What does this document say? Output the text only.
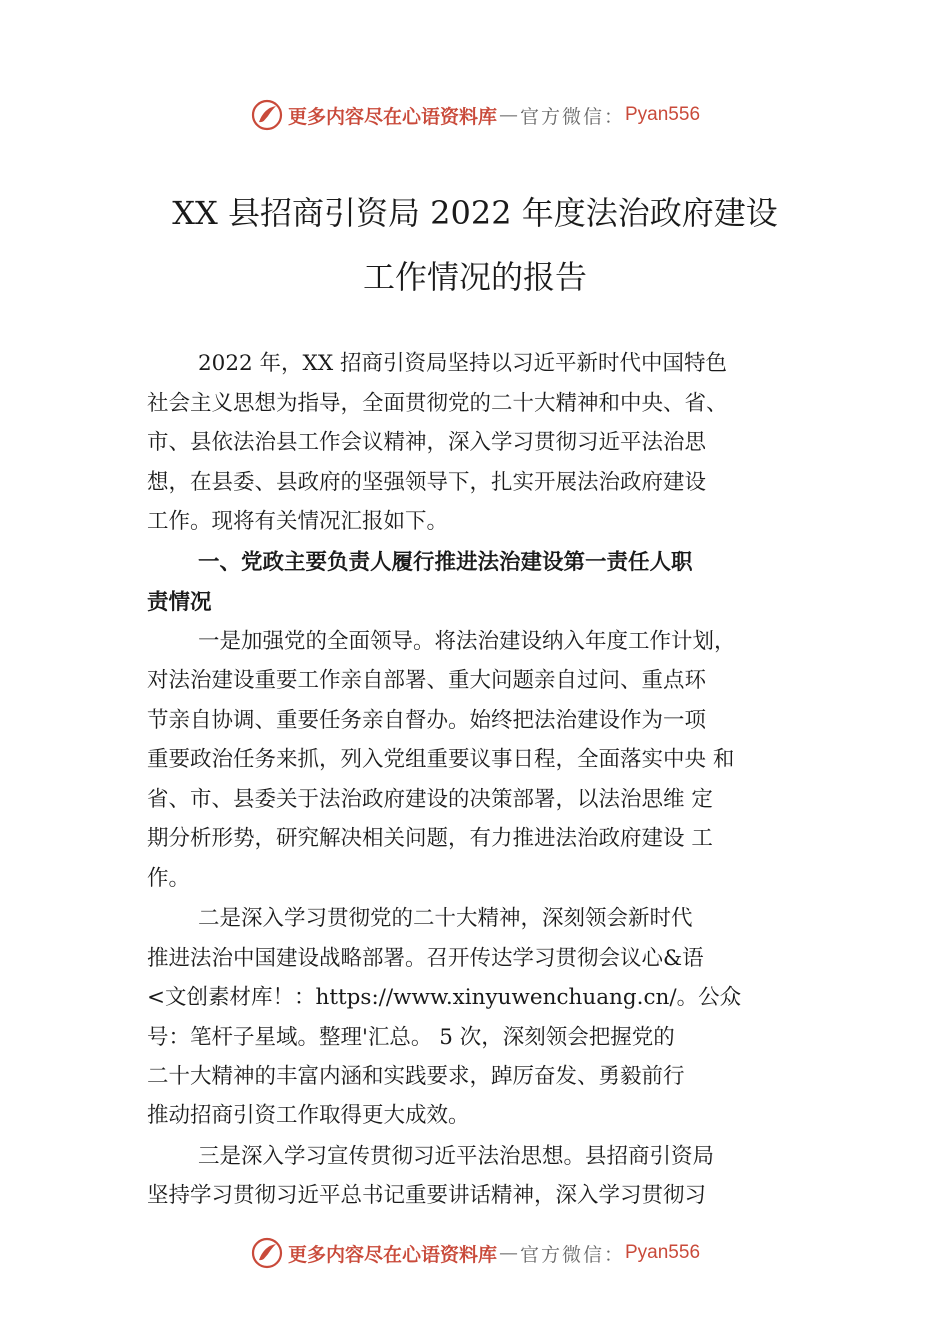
更多内容尽在心语资料库 — 官方微信： Pyan556
XX 县招商引资局 2022 年度法治政府建设
工作情况的报告
2022 年，XX 招商引资局坚持以习近平新时代中国特色
社会主义思想为指导，全面贯彻党的二十大精神和中央、省、
市、县依法治县工作会议精神，深入学习贯彻习近平法治思
想，在县委、县政府的坚强领导下，扎实开展法治政府建设
工作。现将有关情况汇报如下。
一、党政主要负责人履行推进法治建设第一责任人职
责情况
一是加强党的全面领导。将法治建设纳入年度工作计划，
对法治建设重要工作亲自部署、重大问题亲自过问、重点环
节亲自协调、重要任务亲自督办。始终把法治建设作为一项
重要政治任务来抓，列入党组重要议事日程，全面落实中央 和
省、市、县委关于法治政府建设的决策部署，以法治思维 定
期分析形势，研究解决相关问题，有力推进法治政府建设 工
作。
二是深入学习贯彻党的二十大精神，深刻领会新时代
推进法治中国建设战略部署。召开传达学习贯彻会议心&语
<文创素材库！：https://www.xinyuwenchuang.cn/。公众
号：笔杆子星域。整理'汇总。 5 次，深刻领会把握党的
二十大精神的丰富内涵和实践要求，踔厉奋发、勇毅前行
推动招商引资工作取得更大成效。
三是深入学习宣传贯彻习近平法治思想。县招商引资局
坚持学习贯彻习近平总书记重要讲话精神，深入学习贯彻习
更多内容尽在心语资料库 — 官方微信： Pyan556
